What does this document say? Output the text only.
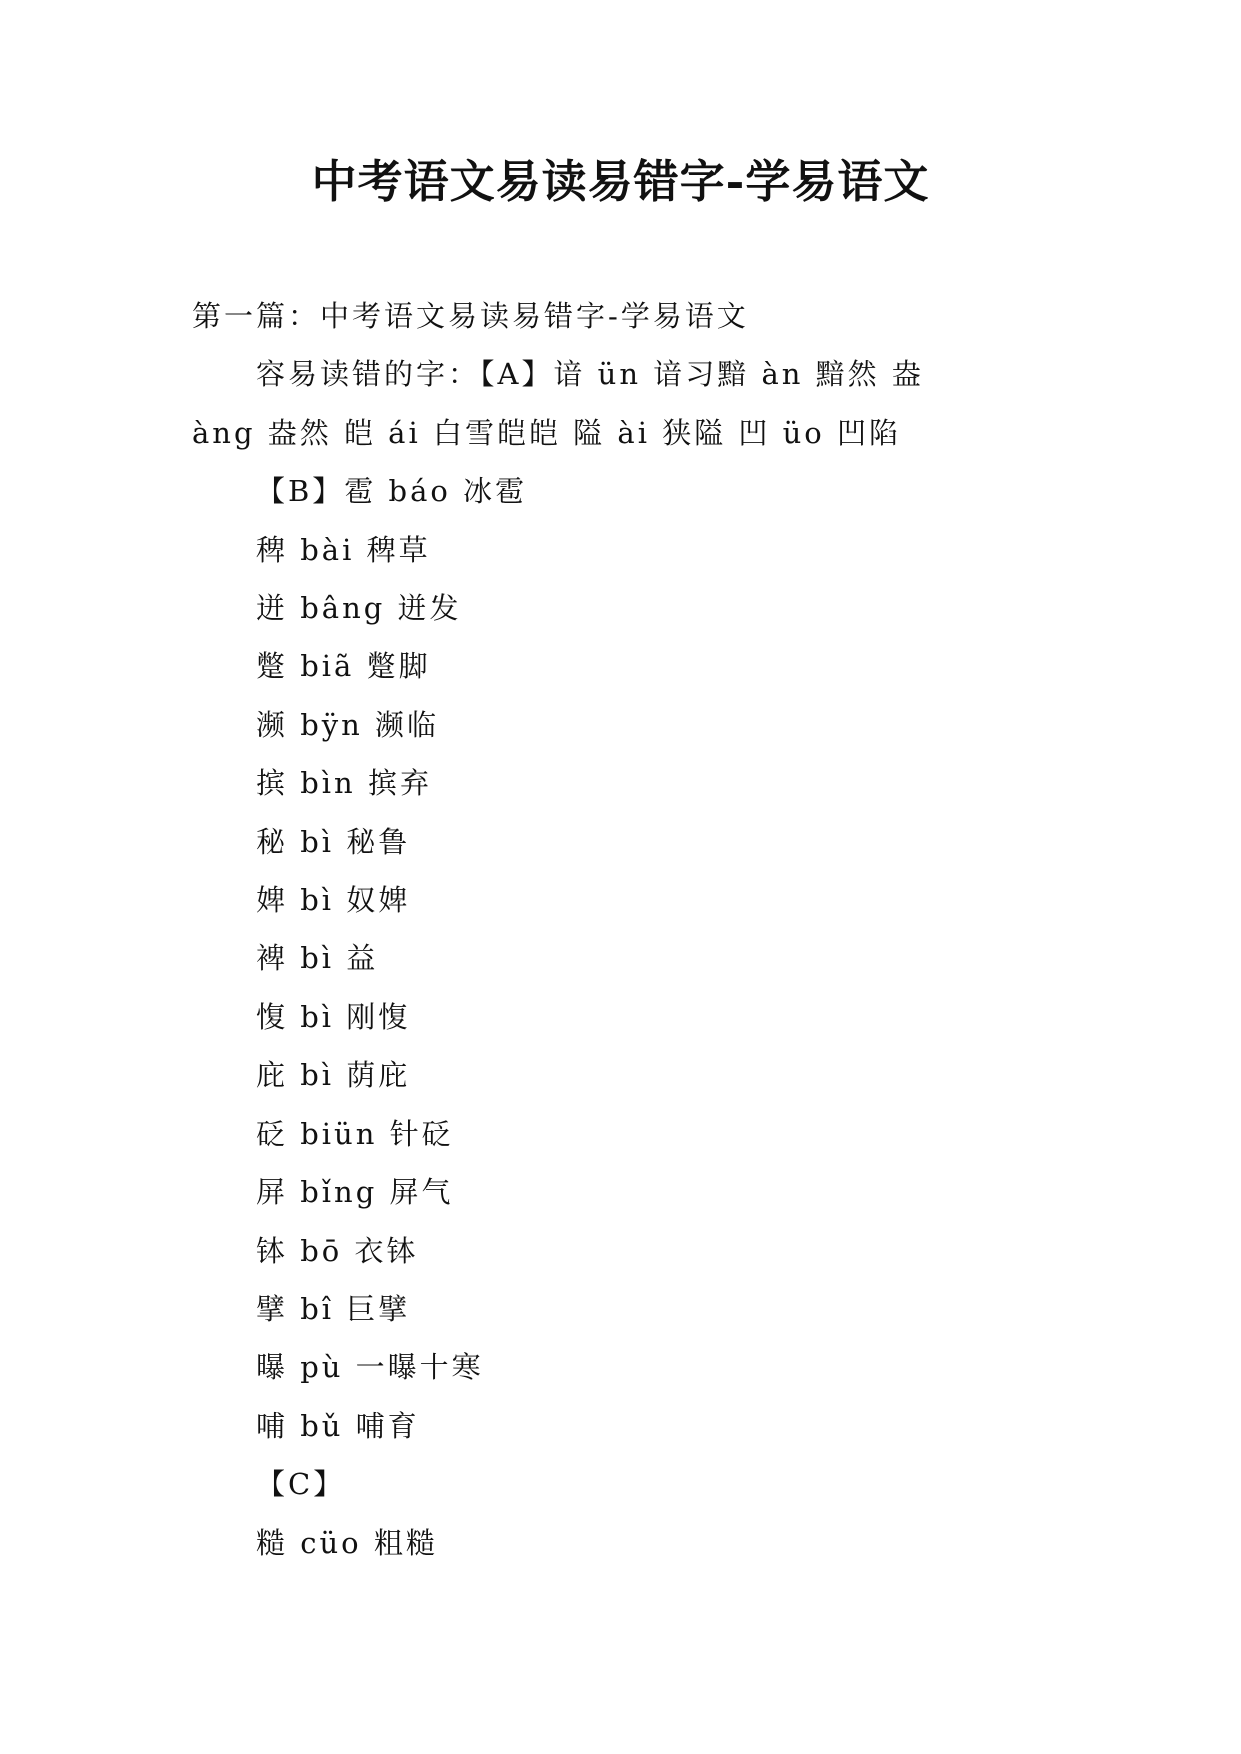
中考语文易读易错字-学易语文

第一篇：中考语文易读易错字-学易语文

容易读错的字：【A】谙 ün 谙习黯 àn 黯然 盎

àng 盎然 皑 ái 白雪皑皑 隘 ài 狭隘 凹 üo 凹陷

【B】雹 báo 冰雹

稗 bài 稗草

迸 bâng 迸发

蹩 biã 蹩脚

濒 bÿn 濒临

摈 bìn 摈弃

秘 bì 秘鲁

婢 bì 奴婢

裨 bì 益

愎 bì 刚愎

庇 bì 荫庇

砭 biün 针砭

屏 bǐng 屏气

钵 bō 衣钵

擘 bî 巨擘

曝 pù 一曝十寒

哺 bǔ 哺育

【C】

糙 cüo 粗糙
